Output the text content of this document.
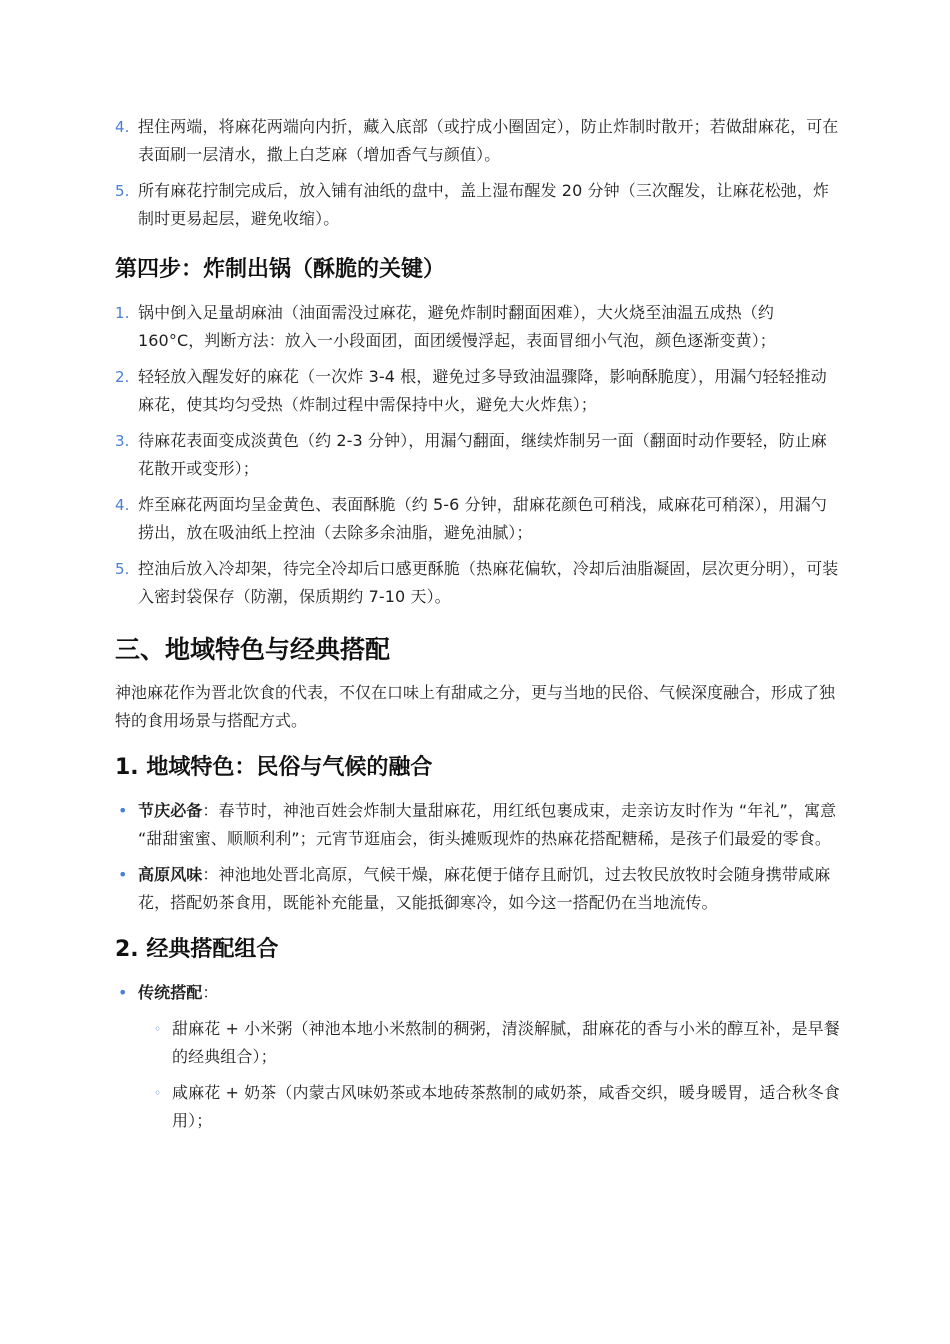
4. 捏住两端，将麻花两端向内折，藏入底部（或拧成小圈固定），防止炸制时散开；若做甜麻花，可在表面刷一层清水，撒上白芝麻（增加香气与颜值）。
5. 所有麻花拧制完成后，放入铺有油纸的盘中，盖上湿布醒发 20 分钟（三次醒发，让麻花松弛，炸制时更易起层，避免收缩）。
第四步：炸制出锅（酥脆的关键）
1. 锅中倒入足量胡麻油（油面需没过麻花，避免炸制时翻面困难），大火烧至油温五成热（约 160°C，判断方法：放入一小段面团，面团缓慢浮起，表面冒细小气泡，颜色逐渐变黄）；
2. 轻轻放入醒发好的麻花（一次炸 3-4 根，避免过多导致油温骤降，影响酥脆度），用漏勺轻轻推动麻花，使其均匀受热（炸制过程中需保持中火，避免大火炸焦）；
3. 待麻花表面变成淡黄色（约 2-3 分钟），用漏勺翻面，继续炸制另一面（翻面时动作要轻，防止麻花散开或变形）；
4. 炸至麻花两面均呈金黄色、表面酥脆（约 5-6 分钟，甜麻花颜色可稍浅，咸麻花可稍深），用漏勺捞出，放在吸油纸上控油（去除多余油脂，避免油腻）；
5. 控油后放入冷却架，待完全冷却后口感更酥脆（热麻花偏软，冷却后油脂凝固，层次更分明），可装入密封袋保存（防潮，保质期约 7-10 天）。
三、地域特色与经典搭配

神池麻花作为晋北饮食的代表，不仅在口味上有甜咸之分，更与当地的民俗、气候深度融合，形成了独特的食用场景与搭配方式。

1. 地域特色：民俗与气候的融合
• 节庆必备：春节时，神池百姓会炸制大量甜麻花，用红纸包裹成束，走亲访友时作为 “年礼”，寓意 “甜甜蜜蜜、顺顺利利”；元宵节逛庙会，街头摊贩现炸的热麻花搭配糖稀，是孩子们最爱的零食。
• 高原风味：神池地处晋北高原，气候干燥，麻花便于储存且耐饥，过去牧民放牧时会随身携带咸麻花，搭配奶茶食用，既能补充能量，又能抵御寒冷，如今这一搭配仍在当地流传。
2. 经典搭配组合
• 传统搭配：
◦ 甜麻花 + 小米粥（神池本地小米熬制的稠粥，清淡解腻，甜麻花的香与小米的醇互补，是早餐的经典组合）；
◦ 咸麻花 + 奶茶（内蒙古风味奶茶或本地砖茶熬制的咸奶茶，咸香交织，暖身暖胃，适合秋冬食用）；
